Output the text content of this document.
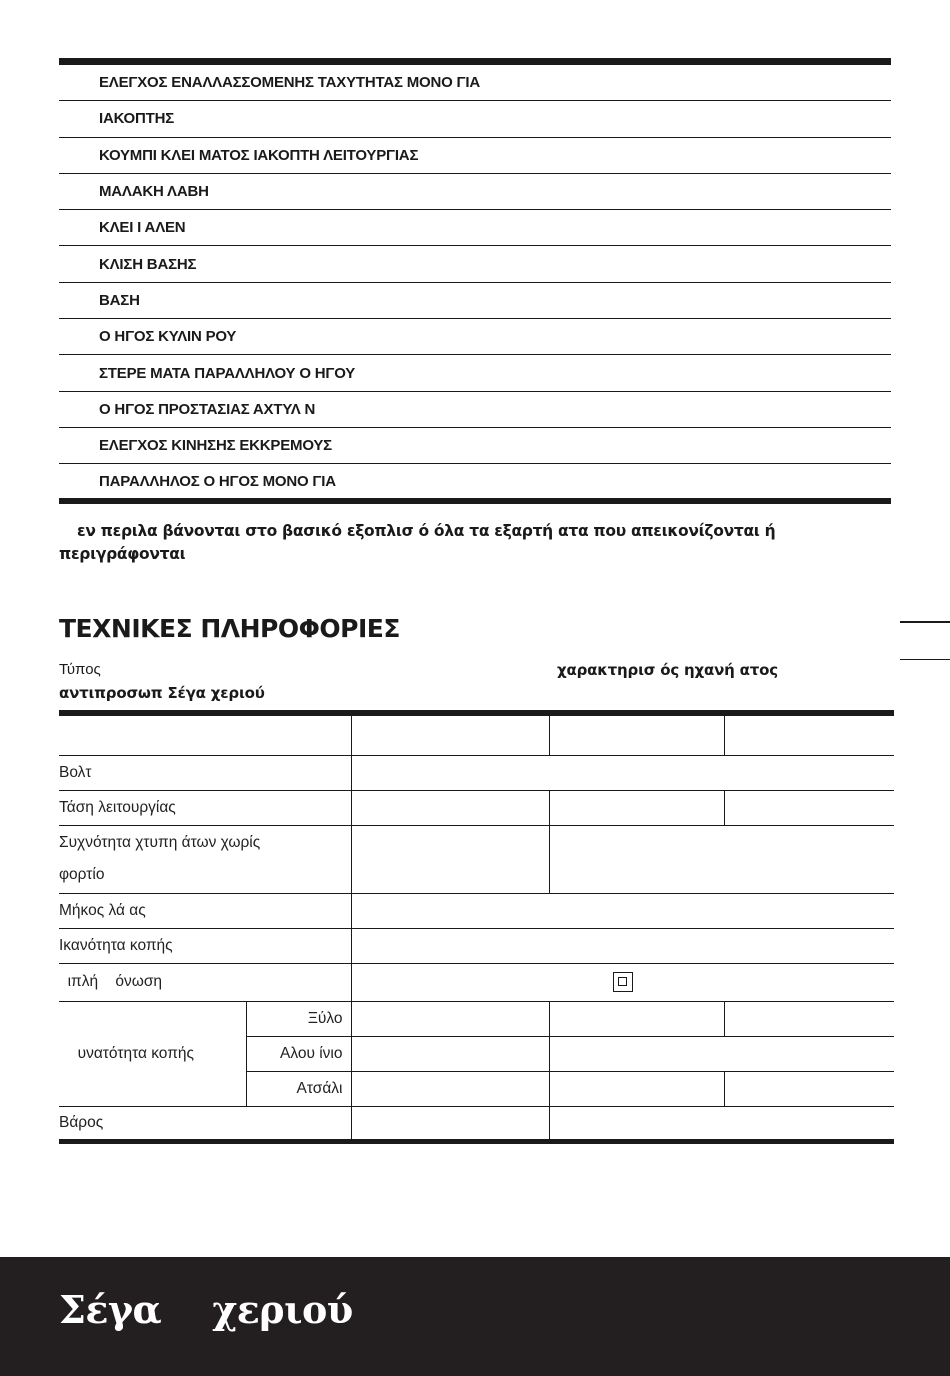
ΕΛΕΓΧΟΣ ΕΝΑΛΛΑΣΣΟΜΕΝΗΣ ΤΑΧΥΤΗΤΑΣ ΜΟΝΟ ΓΙΑ
ΙΑΚΟΠΤΗΣ
ΚΟΥΜΠΙ ΚΛΕΙ ΜΑΤΟΣ ΙΑΚΟΠΤΗ ΛΕΙΤΟΥΡΓΙΑΣ
ΜΑΛΑΚΗ ΛΑΒΗ
ΚΛΕΙ Ι ΑΛΕΝ
ΚΛΙΣΗ ΒΑΣΗΣ
ΒΑΣΗ
Ο ΗΓΟΣ ΚΥΛΙΝ ΡΟΥ
ΣΤΕΡΕ ΜΑΤΑ ΠΑΡΑΛΛΗΛΟΥ Ο ΗΓΟΥ
Ο ΗΓΟΣ ΠΡΟΣΤΑΣΙΑΣ ΑΧΤΥΛ Ν
ΕΛΕΓΧΟΣ ΚΙΝΗΣΗΣ ΕΚΚΡΕΜΟΥΣ
ΠΑΡΑΛΛΗΛΟΣ Ο ΗΓΟΣ ΜΟΝΟ ΓΙΑ
εν περιλα βάνονται στο βασικό εξοπλισ ό όλα τα εξαρτή ατα που απεικονίζονται ή
περιγράφονται
ΤΕΧΝΙΚΕΣ ΠΛΗΡΟΦΟΡΙΕΣ
Τύπος	χαρακτηρισ ός ηχανή ατος
αντιπροσωπ Σέγα χεριού

Βολτ				
Τάση λειτουργίας				

Συχνότητα χτυπη άτων χωρίς
φορτίο				

Μήκος λά ας				
Ικανότητα κοπής				
ιπλή    όνωση				
υνατότητα κοπής	Ξύλο			
	Αλου ίνιο			
	Ατσάλι			
Βάρος				
Σέγα    χεριού
